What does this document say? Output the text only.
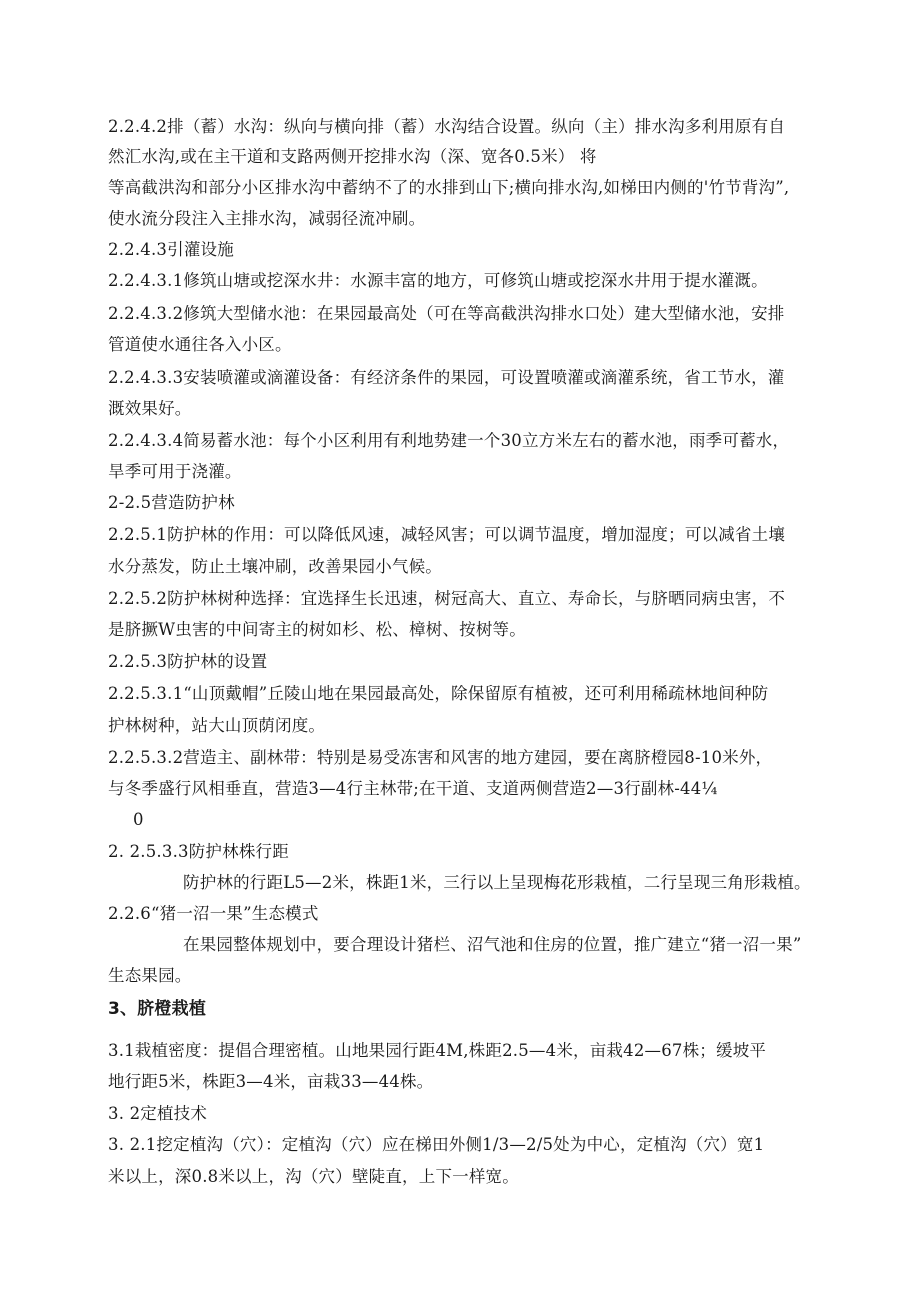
2.2.4.2排（蓄）水沟：纵向与横向排（蓄）水沟结合设置。纵向（主）排水沟多利用原有自
然汇水沟,或在主干道和支路两侧开挖排水沟（深、宽各0.5米） 将
等高截洪沟和部分小区排水沟中蓄纳不了的水排到山下;横向排水沟,如梯田内侧的'竹节背沟”,
使水流分段注入主排水沟，减弱径流冲刷。
2.2.4.3引灌设施
2.2.4.3.1修筑山塘或挖深水井：水源丰富的地方，可修筑山塘或挖深水井用于提水灌溉。
2.2.4.3.2修筑大型储水池：在果园最高处（可在等高截洪沟排水口处）建大型储水池，安排
管道使水通往各入小区。
2.2.4.3.3安装喷灌或滴灌设备：有经济条件的果园，可设置喷灌或滴灌系统，省工节水，灌
溉效果好。
2.2.4.3.4简易蓄水池：每个小区利用有利地势建一个30立方米左右的蓄水池，雨季可蓄水，
旱季可用于浇灌。
2-2.5营造防护林
2.2.5.1防护林的作用：可以降低风速，减轻风害；可以调节温度，增加湿度；可以减省土壤
水分蒸发，防止土壤冲刷，改善果园小气候。
2.2.5.2防护林树种选择：宜选择生长迅速，树冠高大、直立、寿命长，与脐晒同病虫害，不
是脐撅W虫害的中间寄主的树如杉、松、樟树、按树等。
2.2.5.3防护林的设置
2.2.5.3.1“山顶戴帽”丘陵山地在果园最高处，除保留原有植被，还可利用稀疏林地间种防
护林树种，站大山顶荫闭度。
2.2.5.3.2营造主、副林带：特别是易受冻害和风害的地方建园，要在离脐橙园8-10米外，
与冬季盛行风相垂直，营造3—4行主林带;在干道、支道两侧营造2—3行副林-44¼
0
2. 2.5.3.3防护林株行距
防护林的行距L5—2米，株距1米，三行以上呈现梅花形栽植，二行呈现三角形栽植。
2.2.6“猪一沼一果”生态模式
在果园整体规划中，要合理设计猪栏、沼气池和住房的位置，推广建立“猪一沼一果”
生态果园。
3、脐橙栽植
3.1栽植密度：提倡合理密植。山地果园行距4M,株距2.5—4米，亩栽42—67株；缓坡平
地行距5米，株距3—4米，亩栽33—44株。
3. 2定植技术
3. 2.1挖定植沟（穴）：定植沟（穴）应在梯田外侧1/3—2/5处为中心，定植沟（穴）宽1
米以上，深0.8米以上，沟（穴）壁陡直，上下一样宽。
